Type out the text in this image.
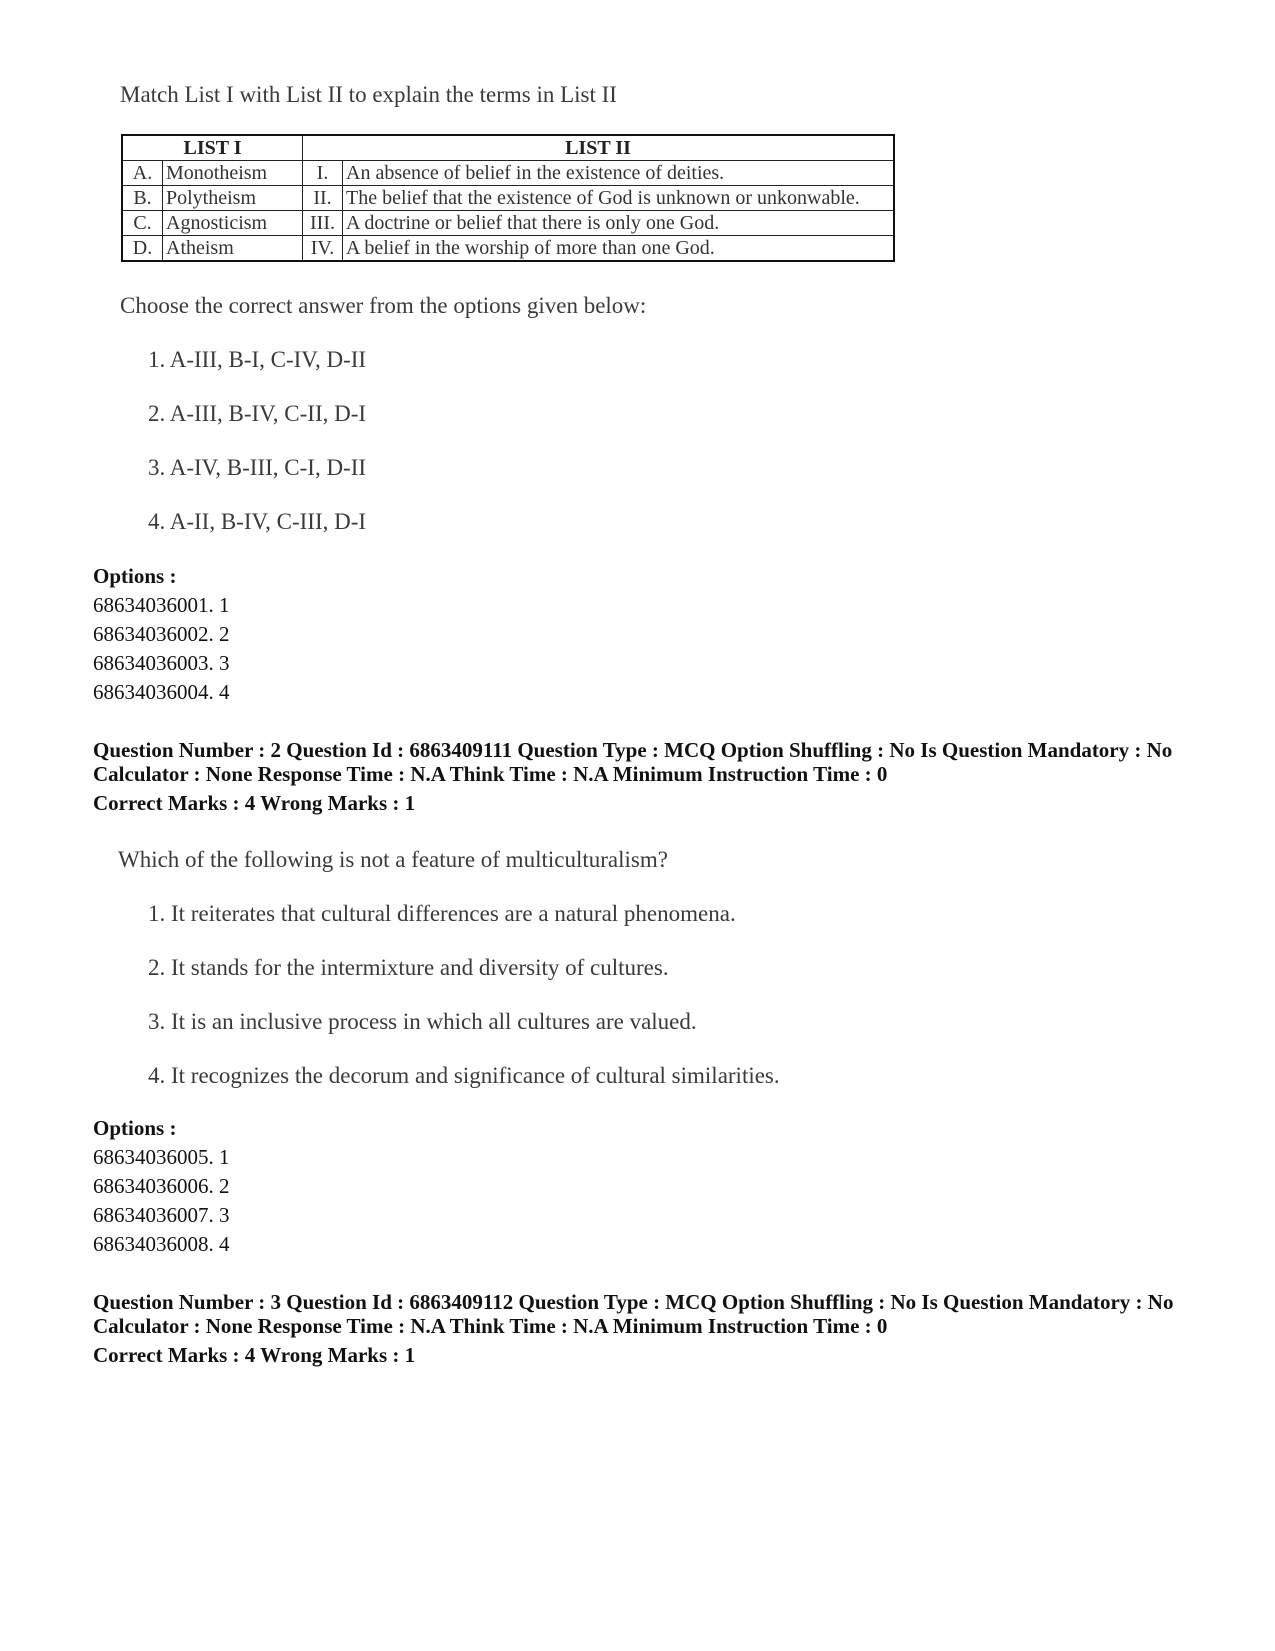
Match List I with List II to explain the terms in List II
LIST I		LIST II	
A.	Monotheism	I.	An absence of belief in the existence of deities.
B.	Polytheism	II.	The belief that the existence of God is unknown or unkonwable.
C.	Agnosticism	III.	A doctrine or belief that there is only one God.
D.	Atheism	IV.	A belief in the worship of more than one God.
Choose the correct answer from the options given below:
1. A-III, B-I, C-IV, D-II
2. A-III, B-IV, C-II, D-I
3. A-IV, B-III, C-I, D-II
4. A-II, B-IV, C-III, D-I
Options :
68634036001. 1
68634036002. 2
68634036003. 3
68634036004. 4
Question Number : 2 Question Id : 6863409111 Question Type : MCQ Option Shuffling : No Is Question Mandatory : No
Calculator : None Response Time : N.A Think Time : N.A Minimum Instruction Time : 0
Correct Marks : 4 Wrong Marks : 1
Which of the following is not a feature of multiculturalism?
1. It reiterates that cultural differences are a natural phenomena.
2. It stands for the intermixture and diversity of cultures.
3. It is an inclusive process in which all cultures are valued.
4. It recognizes the decorum and significance of cultural similarities.
Options :
68634036005. 1
68634036006. 2
68634036007. 3
68634036008. 4
Question Number : 3 Question Id : 6863409112 Question Type : MCQ Option Shuffling : No Is Question Mandatory : No
Calculator : None Response Time : N.A Think Time : N.A Minimum Instruction Time : 0
Correct Marks : 4 Wrong Marks : 1
